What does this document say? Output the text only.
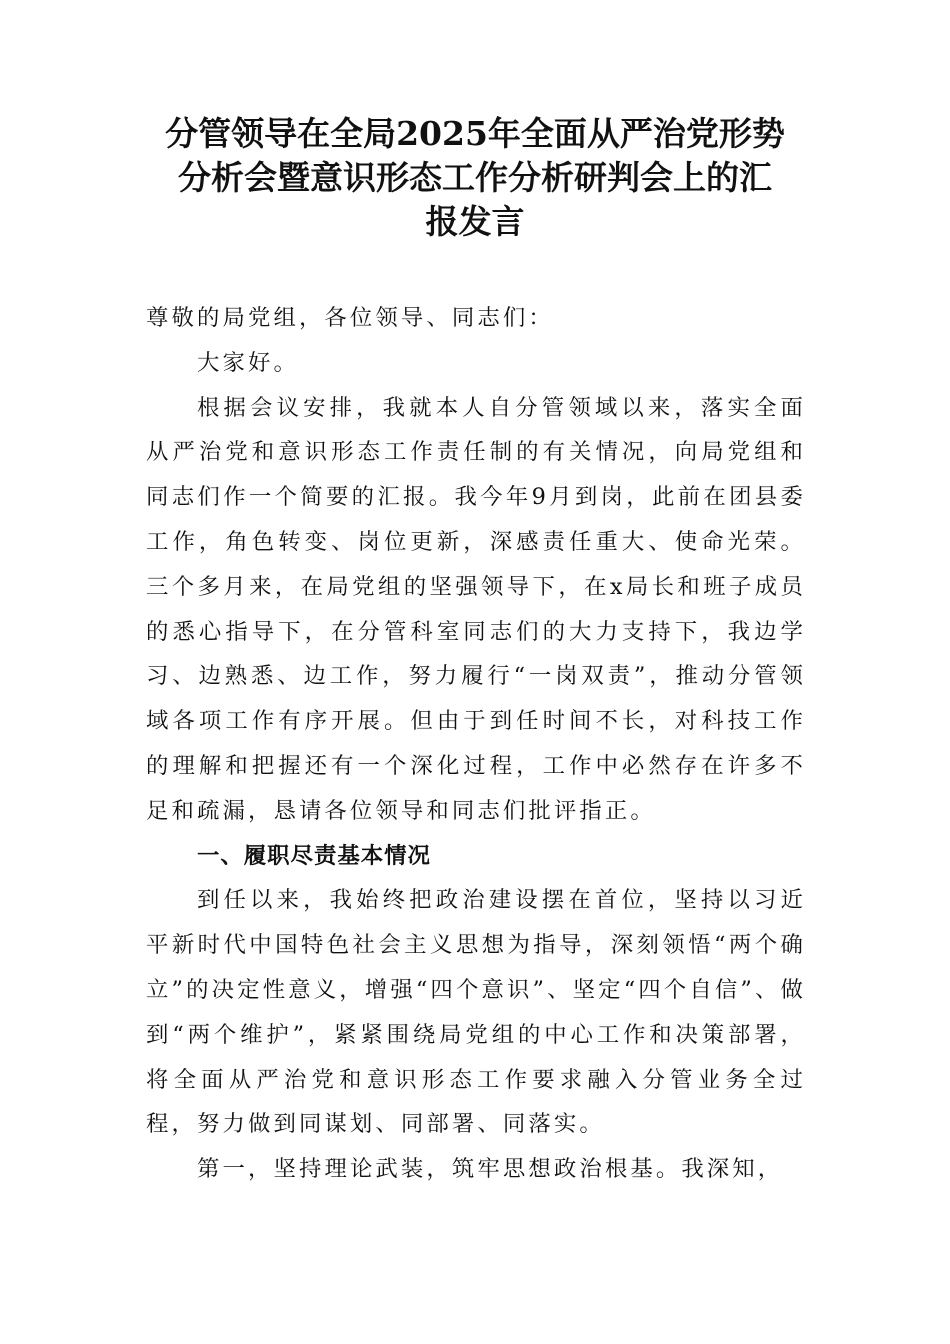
分管领导在全局2025年全面从严治党形势
分析会暨意识形态工作分析研判会上的汇
报发言

尊敬的局党组，各位领导、同志们：

大家好。

根据会议安排，我就本人自分管领域以来，落实全面从严治党和意识形态工作责任制的有关情况，向局党组和同志们作一个简要的汇报。我今年9月到岗，此前在团县委工作，角色转变、岗位更新，深感责任重大、使命光荣。三个多月来，在局党组的坚强领导下，在x局长和班子成员的悉心指导下，在分管科室同志们的大力支持下，我边学习、边熟悉、边工作，努力履行“一岗双责”，推动分管领域各项工作有序开展。但由于到任时间不长，对科技工作的理解和把握还有一个深化过程，工作中必然存在许多不足和疏漏，恳请各位领导和同志们批评指正。

一、履职尽责基本情况

到任以来，我始终把政治建设摆在首位，坚持以习近平新时代中国特色社会主义思想为指导，深刻领悟“两个确立”的决定性意义，增强“四个意识”、坚定“四个自信”、做到“两个维护”，紧紧围绕局党组的中心工作和决策部署，将全面从严治党和意识形态工作要求融入分管业务全过程，努力做到同谋划、同部署、同落实。

第一，坚持理论武装，筑牢思想政治根基。我深知，
